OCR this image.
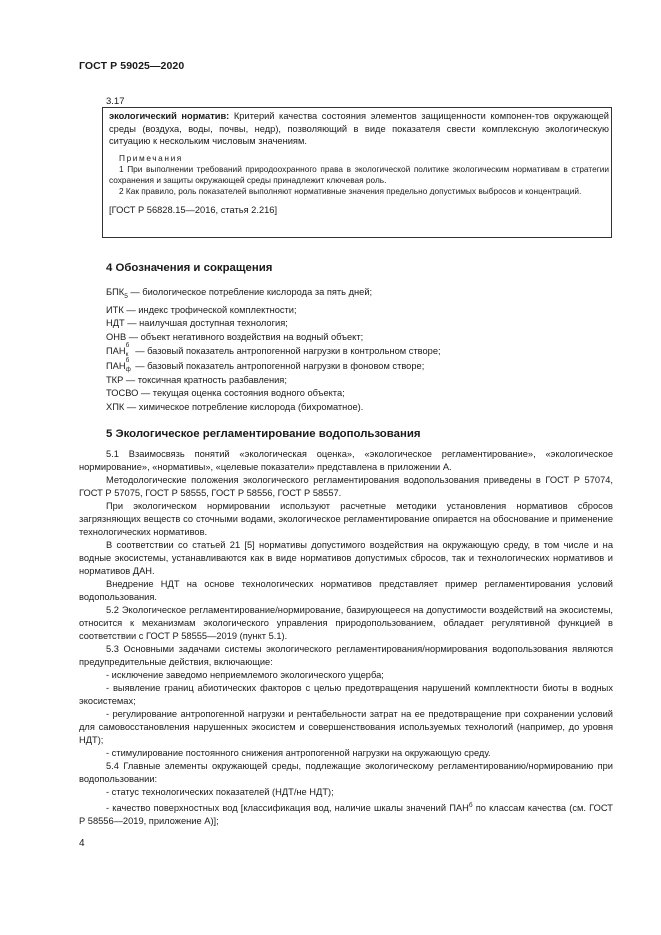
ГОСТ Р 59025—2020
3.17

экологический норматив: Критерий качества состояния элементов защищенности компонен-тов окружающей среды (воздуха, воды, почвы, недр), позволяющий в виде показателя свести комплексную экологическую ситуацию к нескольким числовым значениям.

Примечания

1 При выполнении требований природоохранного права в экологической политике экологическим нормативам в стратегии сохранения и защиты окружающей среды принадлежит ключевая роль.

2 Как правило, роль показателей выполняют нормативные значения предельно допустимых выбросов и концентраций.

[ГОСТ Р 56828.15—2016, статья 2.216]
4 Обозначения и сокращения
$БПК_5$ — биологическое потребление кислорода за пять дней;
ИТК — индекс трофической комплектности;
НДТ — наилучшая доступная технология;
ОНВ — объект негативного воздействия на водный объект;
ПАН
б
к — базовый показатель антропогенной нагрузки в контрольном створе;
ПАН
б
ф — базовый показатель антропогенной нагрузки в фоновом створе;
ТКР — токсичная кратность разбавления;
ТОСВО — текущая оценка состояния водного объекта;
ХПК — химическое потребление кислорода (бихроматное).
5 Экологическое регламентирование водопользования

5.1 Взаимосвязь понятий «экологическая оценка», «экологическое регламентирование», «экологическое нормирование», «нормативы», «целевые показатели» представлена в приложении А.

Методологические положения экологического регламентирования водопользования приведены в ГОСТ Р 57074, ГОСТ Р 57075, ГОСТ Р 58555, ГОСТ Р 58556, ГОСТ Р 58557.

При экологическом нормировании используют расчетные методики установления нормативов сбросов загрязняющих веществ со сточными водами, экологическое регламентирование опирается на обоснование и применение технологических нормативов.

В соответствии со статьей 21 [5] нормативы допустимого воздействия на окружающую среду, в том числе и на водные экосистемы, устанавливаются как в виде нормативов допустимых сбросов, так и технологических нормативов и нормативов ДАН.

Внедрение НДТ на основе технологических нормативов представляет пример регламентирования условий водопользования.

5.2 Экологическое регламентирование/нормирование, базирующееся на допустимости воздействий на экосистемы, относится к механизмам экологического управления природопользованием, обладает регулятивной функцией в соответствии с ГОСТ Р 58555—2019 (пункт 5.1).

5.3 Основными задачами системы экологического регламентирования/нормирования водопользования являются предупредительные действия, включающие:

- исключение заведомо неприемлемого экологического ущерба;

- выявление границ абиотических факторов с целью предотвращения нарушений комплектности биоты в водных экосистемах;

- регулирование антропогенной нагрузки и рентабельности затрат на ее предотвращение при сохранении условий для самовосстановления нарушенных экосистем и совершенствования используемых технологий (например, до уровня НДТ);

- стимулирование постоянного снижения антропогенной нагрузки на окружающую среду.

5.4 Главные элементы окружающей среды, подлежащие экологическому регламентированию/нормированию при водопользовании:

- статус технологических показателей (НДТ/не НДТ);

- качество поверхностных вод [классификация вод, наличие шкалы значений $ПАН^б$ по классам качества (см. ГОСТ Р 58556—2019, приложение А)];

4
